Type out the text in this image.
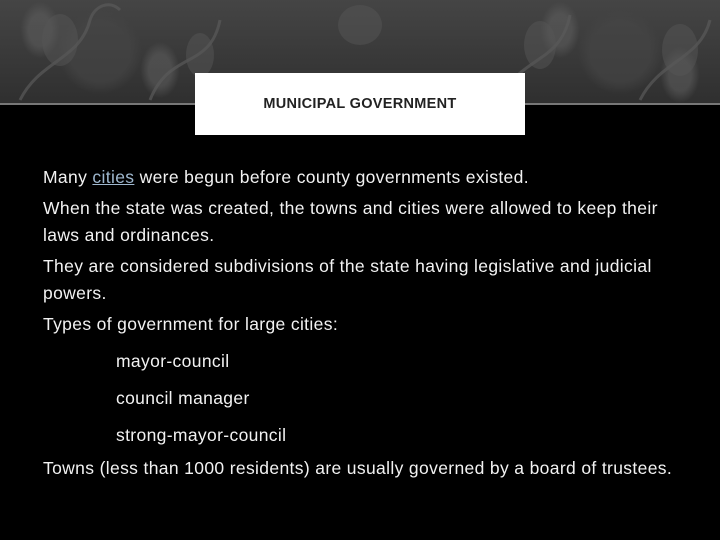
MUNICIPAL GOVERNMENT

Many cities were begun before county governments existed.

When the state was created, the towns and cities were allowed to keep their laws and ordinances.

They are considered subdivisions of the state having legislative and judicial powers.

Types of government for large cities:

mayor-council

council manager

strong-mayor-council

Towns (less than 1000 residents) are usually governed by a board of trustees.
